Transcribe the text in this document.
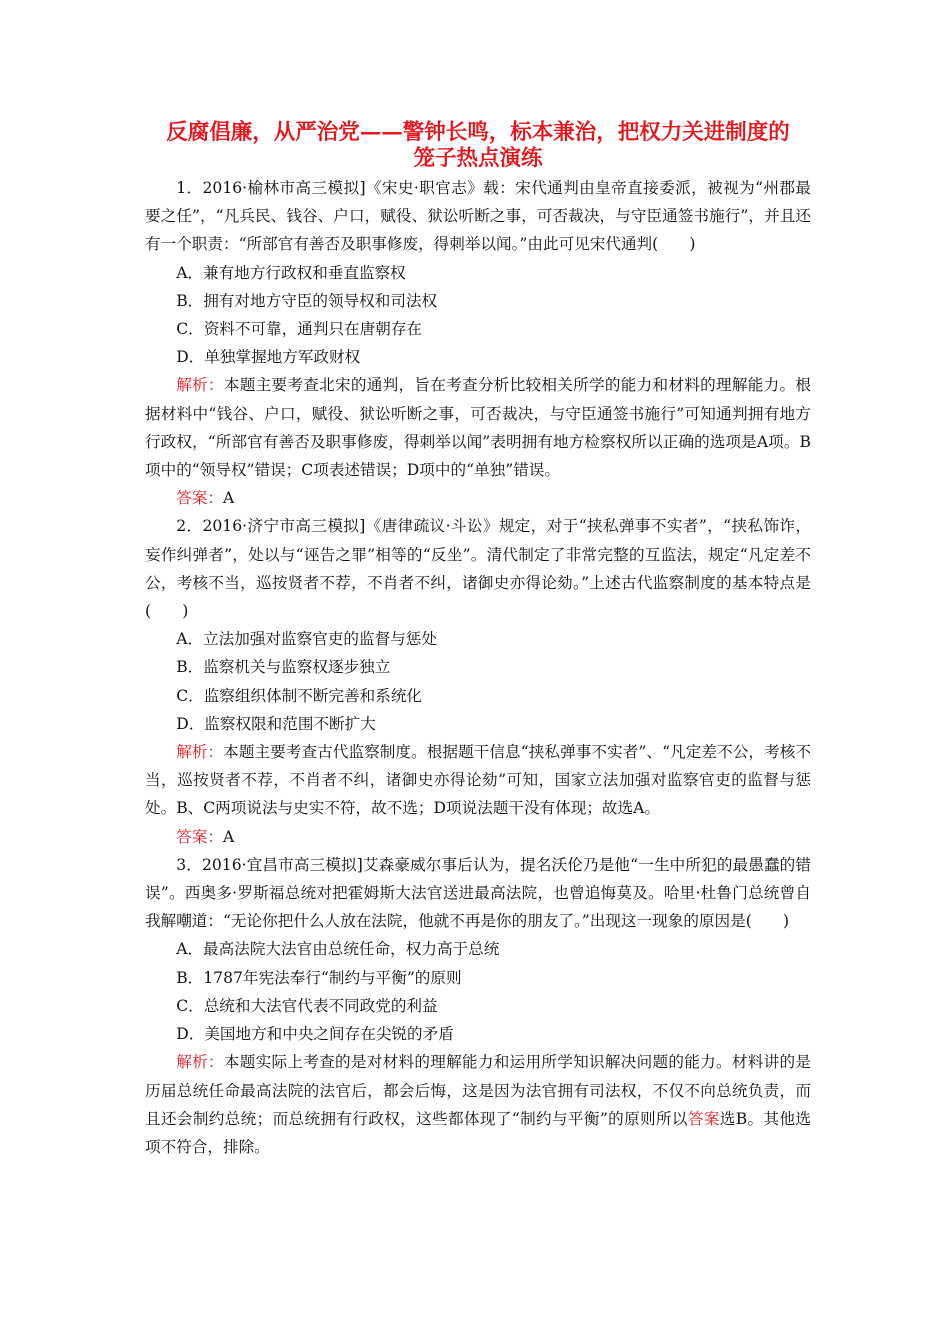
反腐倡廉，从严治党——警钟长鸣，标本兼治，把权力关进制度的
笼子热点演练

1．2016·榆林市高三模拟]《宋史·职官志》载：宋代通判由皇帝直接委派，被视为“州郡最要之任”，“凡兵民、钱谷、户口，赋役、狱讼听断之事，可否裁决，与守臣通签书施行”，并且还有一个职责：“所部官有善否及职事修废，得刺举以闻。”由此可见宋代通判(　　)

A．兼有地方行政权和垂直监察权

B．拥有对地方守臣的领导权和司法权

C．资料不可靠，通判只在唐朝存在

D．单独掌握地方军政财权

解析：本题主要考查北宋的通判，旨在考查分析比较相关所学的能力和材料的理解能力。根据材料中“钱谷、户口，赋役、狱讼听断之事，可否裁决，与守臣通签书施行”可知通判拥有地方行政权，“所部官有善否及职事修废，得刺举以闻”表明拥有地方检察权所以正确的选项是A项。B项中的“领导权”错误；C项表述错误；D项中的“单独”错误。

答案：A

2．2016·济宁市高三模拟]《唐律疏议·斗讼》规定，对于“挟私弹事不实者”，“挟私饰诈，妄作纠弹者”，处以与“诬告之罪”相等的“反坐”。清代制定了非常完整的互监法，规定“凡定差不公，考核不当，巡按贤者不荐，不肖者不纠，诸御史亦得论劾。”上述古代监察制度的基本特点是(　　)

A．立法加强对监察官吏的监督与惩处

B．监察机关与监察权逐步独立

C．监察组织体制不断完善和系统化

D．监察权限和范围不断扩大

解析：本题主要考查古代监察制度。根据题干信息“挟私弹事不实者”、“凡定差不公，考核不当，巡按贤者不荐，不肖者不纠，诸御史亦得论劾”可知，国家立法加强对监察官吏的监督与惩处。B、C两项说法与史实不符，故不选；D项说法题干没有体现；故选A。

答案：A

3．2016·宜昌市高三模拟]艾森豪威尔事后认为，提名沃伦乃是他“一生中所犯的最愚蠢的错误”。西奥多·罗斯福总统对把霍姆斯大法官送进最高法院，也曾追悔莫及。哈里·杜鲁门总统曾自我解嘲道：“无论你把什么人放在法院，他就不再是你的朋友了。”出现这一现象的原因是(　　)

A．最高法院大法官由总统任命，权力高于总统

B．1787年宪法奉行“制约与平衡”的原则

C．总统和大法官代表不同政党的利益

D．美国地方和中央之间存在尖锐的矛盾

解析：本题实际上考查的是对材料的理解能力和运用所学知识解决问题的能力。材料讲的是历届总统任命最高法院的法官后，都会后悔，这是因为法官拥有司法权，不仅不向总统负责，而且还会制约总统；而总统拥有行政权，这些都体现了“制约与平衡”的原则所以答案选B。其他选项不符合，排除。
